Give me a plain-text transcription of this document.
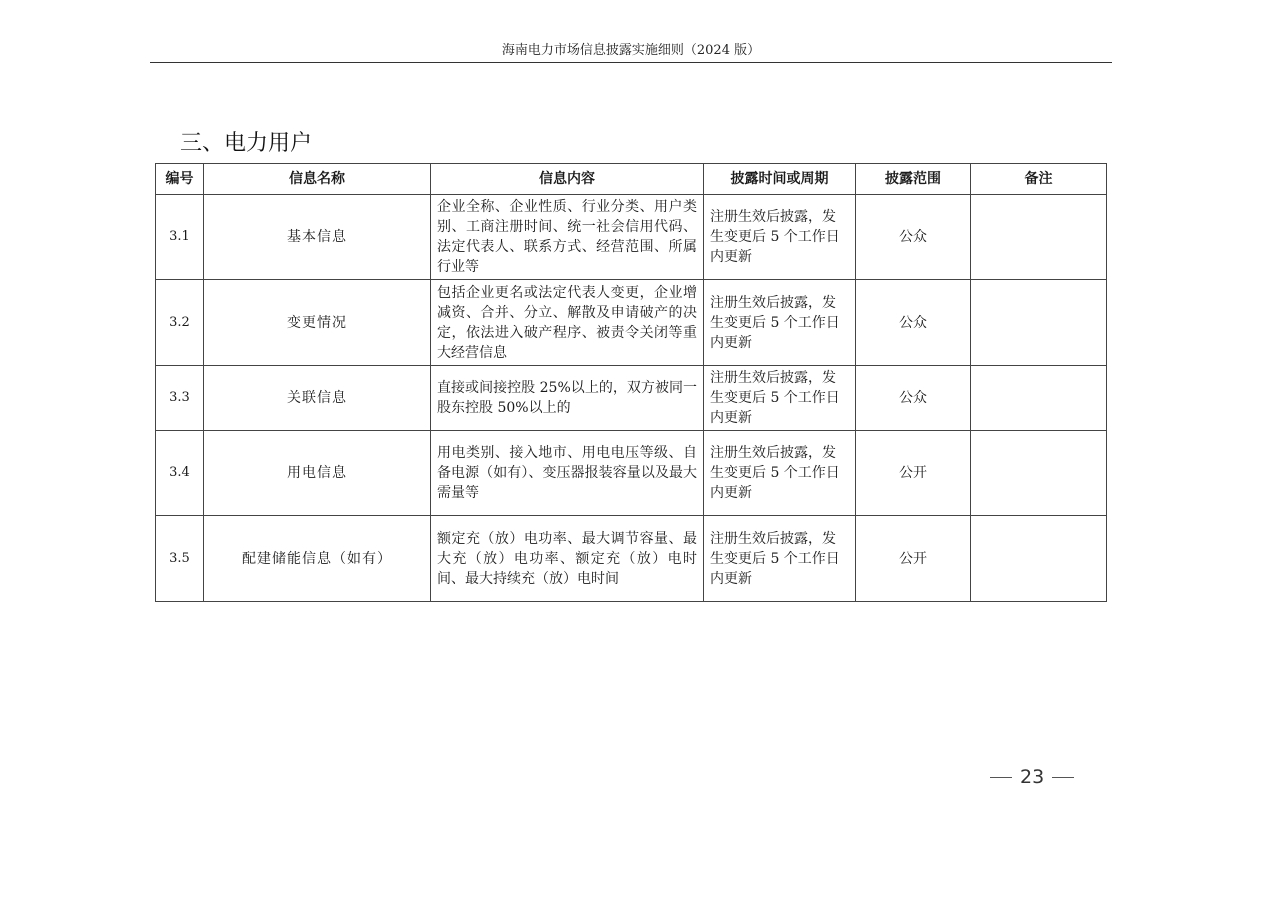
海南电力市场信息披露实施细则（2024 版）
三、电力用户
编号	信息名称	信息内容	披露时间或周期	披露范围	备注
3.1	基本信息	企业全称、企业性质、行业分类、用户类别、工商注册时间、统一社会信用代码、法定代表人、联系方式、经营范围、所属行业等	注册生效后披露，发生变更后 5 个工作日内更新	公众	
3.2	变更情况	包括企业更名或法定代表人变更，企业增减资、合并、分立、解散及申请破产的决定，依法进入破产程序、被责令关闭等重大经营信息	注册生效后披露，发生变更后 5 个工作日内更新	公众	
3.3	关联信息	直接或间接控股 25%以上的，双方被同一股东控股 50%以上的	注册生效后披露，发生变更后 5 个工作日内更新	公众	
3.4	用电信息	用电类别、接入地市、用电电压等级、自备电源（如有）、变压器报装容量以及最大需量等	注册生效后披露，发生变更后 5 个工作日内更新	公开	
3.5	配建储能信息（如有）	额定充（放）电功率、最大调节容量、最大充（放）电功率、额定充（放）电时间、最大持续充（放）电时间	注册生效后披露，发生变更后 5 个工作日内更新	公开	
23
